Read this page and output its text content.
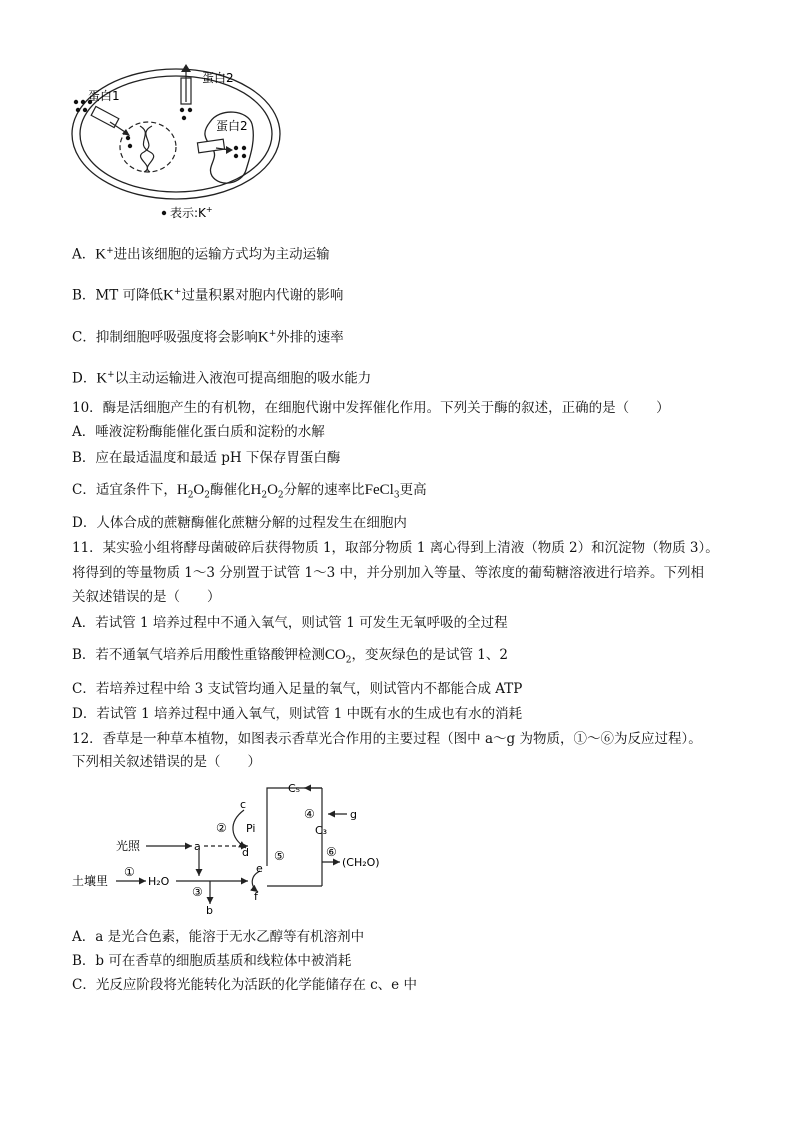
蛋白1
蛋白2
蛋白2
表示:K+
A．K+进出该细胞的运输方式均为主动运输
B．MT 可降低K+过量积累对胞内代谢的影响
C．抑制细胞呼吸强度将会影响K+外排的速率
D．K+以主动运输进入液泡可提高细胞的吸水能力
10．酶是活细胞产生的有机物，在细胞代谢中发挥催化作用。下列关于酶的叙述，正确的是（　　）
A．唾液淀粉酶能催化蛋白质和淀粉的水解
B．应在最适温度和最适 pH 下保存胃蛋白酶
C．适宜条件下，$H_2O_2$酶催化$H_2O_2$分解的速率比FeCl$_3$更高
D．人体合成的蔗糖酶催化蔗糖分解的过程发生在细胞内
11．某实验小组将酵母菌破碎后获得物质 1，取部分物质 1 离心得到上清液（物质 2）和沉淀物（物质 3）。
将得到的等量物质 1～3 分别置于试管 1～3 中，并分别加入等量、等浓度的葡萄糖溶液进行培养。下列相
关叙述错误的是（　　）
A．若试管 1 培养过程中不通入氧气，则试管 1 可发生无氧呼吸的全过程
B．若不通氧气培养后用酸性重铬酸钾检测$CO_2$，变灰绿色的是试管 1、2
C．若培养过程中给 3 支试管均通入足量的氧气，则试管内不都能合成 ATP
D．若试管 1 培养过程中通入氧气，则试管 1 中既有水的生成也有水的消耗
12．香草是一种草本植物，如图表示香草光合作用的主要过程（图中 a～g 为物质，①～⑥为反应过程）。
下列相关叙述错误的是（　　）
光照
土壤里
①
H₂O
③
b
a
②
c
Pi
d
e
f
⑤
C₅
④	g
C₃
⑥
(CH₂O)
A．a 是光合色素，能溶于无水乙醇等有机溶剂中
B．b 可在香草的细胞质基质和线粒体中被消耗
C．光反应阶段将光能转化为活跃的化学能储存在 c、e 中
